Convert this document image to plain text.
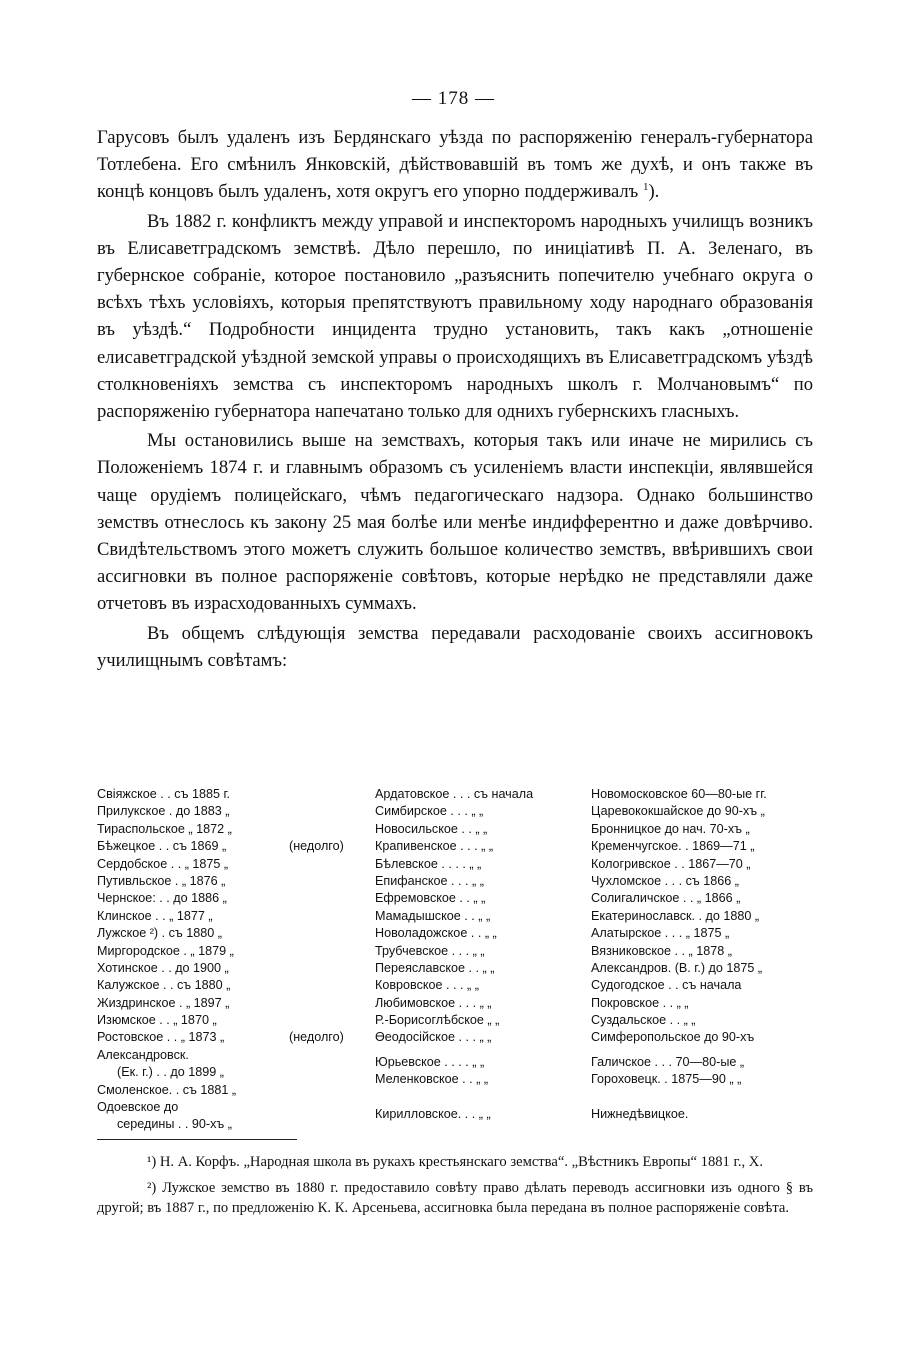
— 178 —

Гарусовъ былъ удаленъ изъ Бердянскаго уѣзда по распоряженію генералъ-губернатора Тотлебена. Его смѣнилъ Янковскій, дѣйствовавшій въ томъ же духѣ, и онъ также въ концѣ концовъ былъ удаленъ, хотя округъ его упорно поддерживалъ $^1$).

Въ 1882 г. конфликтъ между управой и инспекторомъ народныхъ училищъ возникъ въ Елисаветградскомъ земствѣ. Дѣло перешло, по иниціативѣ П. А. Зеленаго, въ губернское собраніе, которое постановило „разъяснить попечителю учебнаго округа о всѣхъ тѣхъ условіяхъ, которыя препятствуютъ правильному ходу народнаго образованія въ уѣздѣ.“ Подробности инцидента трудно установить, такъ какъ „отношеніе елисаветградской уѣздной земской управы о происходящихъ въ Елисаветградскомъ уѣздѣ столкновеніяхъ земства съ инспекторомъ народныхъ школъ г. Молчановымъ“ по распоряженію губернатора напечатано только для однихъ губернскихъ гласныхъ.

Мы остановились выше на земствахъ, которыя такъ или иначе не мирились съ Положеніемъ 1874 г. и главнымъ образомъ съ усиленіемъ власти инспекціи, являвшейся чаще орудіемъ полицейскаго, чѣмъ педагогическаго надзора. Однако большинство земствъ отнеслось къ закону 25 мая болѣе или менѣе индифферентно и даже довѣрчиво. Свидѣтельствомъ этого можетъ служить большое количество земствъ, ввѣрившихъ свои ассигновки въ полное распоряженіе совѣтовъ, которые нерѣдко не представляли даже отчетовъ въ израсходованныхъ суммахъ.

Въ общемъ слѣдующія земства передавали расходованіе своихъ ассигновокъ училищнымъ совѣтамъ:

Свіяжское . . съ 1885 г.
Прилукское . до 1883 „
Тираспольское „ 1872 „
Бѣжецкое . . съ 1869 „	(недолго)
Сердобское . . „ 1875 „
Путивльское . „ 1876 „
Чернское: . . до 1886 „
Клинское . . „ 1877 „
Лужское ²) . съ 1880 „
Миргородское . „ 1879 „
Хотинское . . до 1900 „
Калужское . . съ 1880 „
Жиздринское . „ 1897 „
Изюмское . . „ 1870 „
Ростовское . . „ 1873 „	(недолго)
Александровск.
(Ек. г.) . . до 1899 „
Смоленское. . съ 1881 „
Одоевское до
середины . . 90-хъ „
Ардатовское . . . съ начала
Симбирское . . . „ „
Новосильское . . „ „
Крапивенское . . . „ „
Бѣлевское . . . . „ „
Епифанское . . . „ „
Ефремовское . . „ „
Мамадышское . . „ „
Новоладожское . . „ „
Трубчевское . . . „ „
Переяславское . . „ „
Ковровское . . . „ „
Любимовское . . . „ „
Р.-Борисоглѣбское „ „
Өеодосійское . . . „ „
Юрьевское . . . . „ „
Меленковское . . „ „
Кирилловское. . . „ „
Новомосковское 60—80-ые гг.
Царевококшайское до 90-хъ „
Бронницкое до нач. 70-хъ „
Кременчугское. . 1869—71 „
Кологривское . . 1867—70 „
Чухломское . . . съ 1866 „
Солигаличское . . „ 1866 „
Екатеринославск. . до 1880 „
Алатырское . . . „ 1875 „
Вязниковское . . „ 1878 „
Александров. (В. г.) до 1875 „
Судогодское . . съ начала
Покровское . . „ „
Суздальское . . „ „
Симферопольское до 90-хъ
Галичское . . . 70—80-ые „
Гороховецк. . 1875—90 „ „
Нижнедѣвицкое.

¹) Н. А. Корфъ. „Народная школа въ рукахъ крестьянскаго земства“. „Вѣстникъ Европы“ 1881 г., X.

²) Лужское земство въ 1880 г. предоставило совѣту право дѣлать переводъ ассигновки изъ одного § въ другой; въ 1887 г., по предложенію К. К. Арсеньева, ассигновка была передана въ полное распоряженіе совѣта.
